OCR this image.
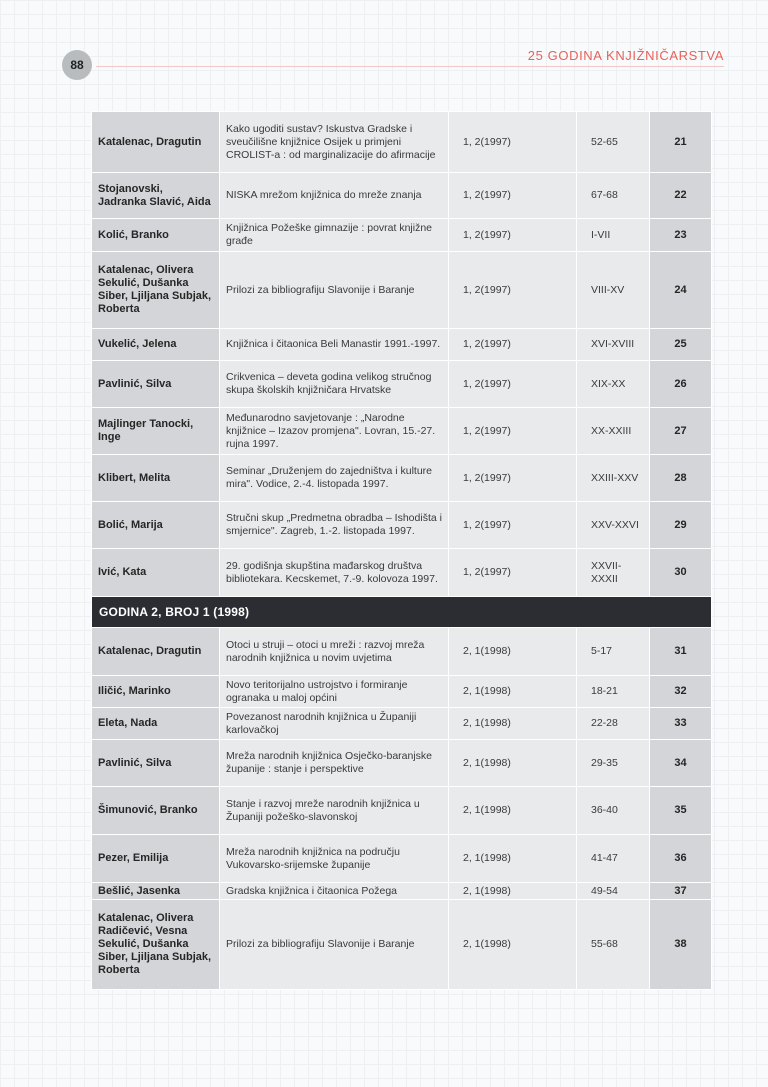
88
25 GODINA KNJIŽNIČARSTVA
Katalenac, Dragutin	Kako ugoditi sustav? Iskustva Gradske i sveučilišne knjižnice Osijek u primjeni CROLIST-a : od marginalizacije do afirmacije	1, 2(1997)	52-65	21
Stojanovski, Jadranka Slavić, Aida	NISKA mrežom knjižnica do mreže znanja	1, 2(1997)	67-68	22
Kolić, Branko	Knjižnica Požeške gimnazije : povrat knjižne građe	1, 2(1997)	I-VII	23
Katalenac, Olivera Sekulić, Dušanka Siber, Ljiljana Subjak, Roberta	Prilozi za bibliografiju Slavonije i Baranje	1, 2(1997)	VIII-XV	24
Vukelić, Jelena	Knjižnica i čitaonica Beli Manastir 1991.-1997.	1, 2(1997)	XVI-XVIII	25
Pavlinić, Silva	Crikvenica – deveta godina velikog stručnog skupa školskih knjižničara Hrvatske	1, 2(1997)	XIX-XX	26
Majlinger Tanocki, Inge	Međunarodno savjetovanje : „Narodne knjižnice – Izazov promjena". Lovran, 15.-27. rujna 1997.	1, 2(1997)	XX-XXIII	27
Klibert, Melita	Seminar „Druženjem do zajedništva i kulture mira". Vodice, 2.-4. listopada 1997.	1, 2(1997)	XXIII-XXV	28
Bolić, Marija	Stručni skup „Predmetna obradba – Ishodišta i smjernice". Zagreb, 1.-2. listopada 1997.	1, 2(1997)	XXV-XXVI	29
Ivić, Kata	29. godišnja skupština mađarskog društva bibliotekara. Kecskemet, 7.-9. kolovoza 1997.	1, 2(1997)	XXVII-XXXII	30
GODINA 2, BROJ 1 (1998)				
Katalenac, Dragutin	Otoci u struji – otoci u mreži : razvoj mreža narodnih knjižnica u novim uvjetima	2, 1(1998)	5-17	31
Iličić, Marinko	Novo teritorijalno ustrojstvo i formiranje ogranaka u maloj općini	2, 1(1998)	18-21	32
Eleta, Nada	Povezanost narodnih knjižnica u Županiji karlovačkoj	2, 1(1998)	22-28	33
Pavlinić, Silva	Mreža narodnih knjižnica Osječko-baranjske županije : stanje i perspektive	2, 1(1998)	29-35	34
Šimunović, Branko	Stanje i razvoj mreže narodnih knjižnica u Županiji požeško-slavonskoj	2, 1(1998)	36-40	35
Pezer, Emilija	Mreža narodnih knjižnica na području Vukovarsko-srijemske županije	2, 1(1998)	41-47	36
Bešlić, Jasenka	Gradska knjižnica i čitaonica Požega	2, 1(1998)	49-54	37
Katalenac, Olivera Radičević, Vesna Sekulić, Dušanka Siber, Ljiljana Subjak, Roberta	Prilozi za bibliografiju Slavonije i Baranje	2, 1(1998)	55-68	38
